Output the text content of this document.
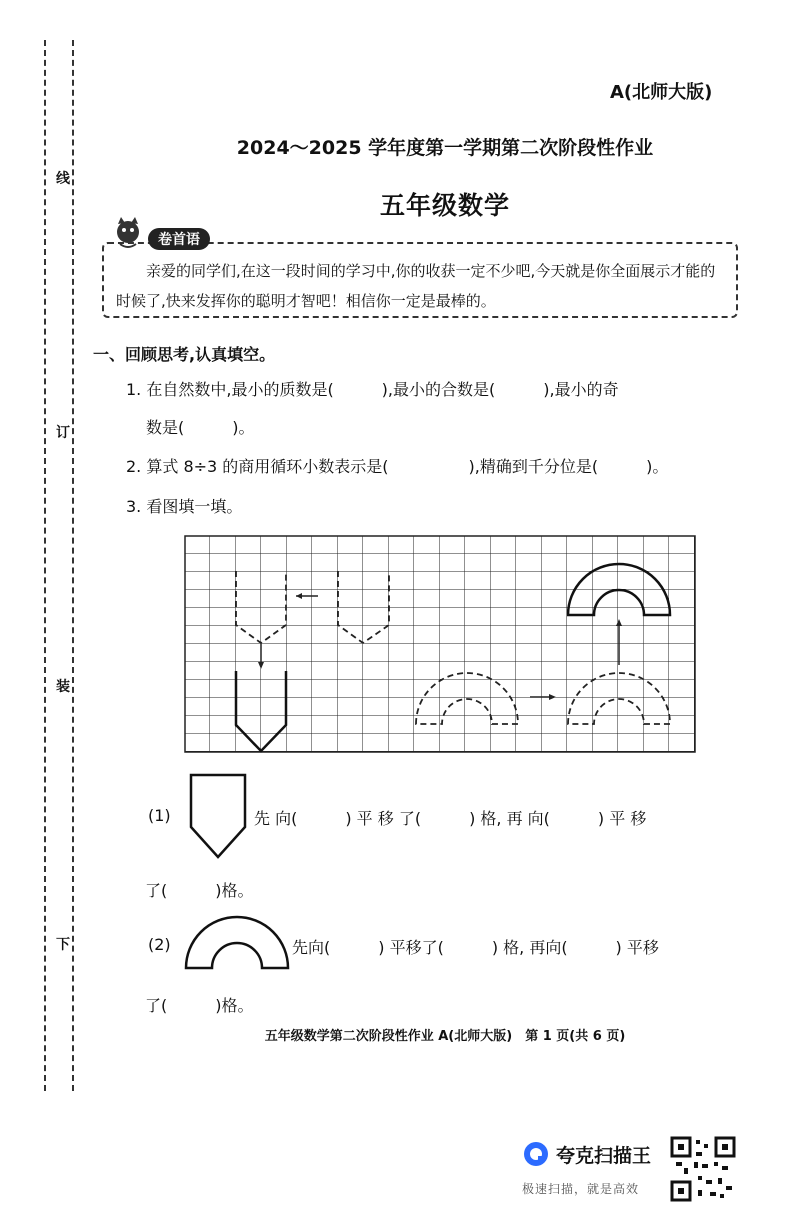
线
订
装
下
A(北师大版)
2024～2025 学年度第一学期第二次阶段性作业
五年级数学
卷首语
亲爱的同学们,在这一段时间的学习中,你的收获一定不少吧,今天就是你全面展示才能的时候了,快来发挥你的聪明才智吧！相信你一定是最棒的。
一、回顾思考,认真填空。
1. 在自然数中,最小的质数是(　　　),最小的合数是(　　　),最小的奇
数是(　　　)。
2. 算式 8÷3 的商用循环小数表示是(　　　　　),精确到千分位是(　　　)。
3. 看图填一填。
(1)	先 向(　　　) 平 移 了(　　　) 格, 再 向(　　　) 平 移
了(　　　)格。
(2)	先向(　　　) 平移了(　　　) 格, 再向(　　　) 平移
了(　　　)格。
五年级数学第二次阶段性作业 A(北师大版)　第 1 页(共 6 页)
夸克扫描王
极速扫描，就是高效
